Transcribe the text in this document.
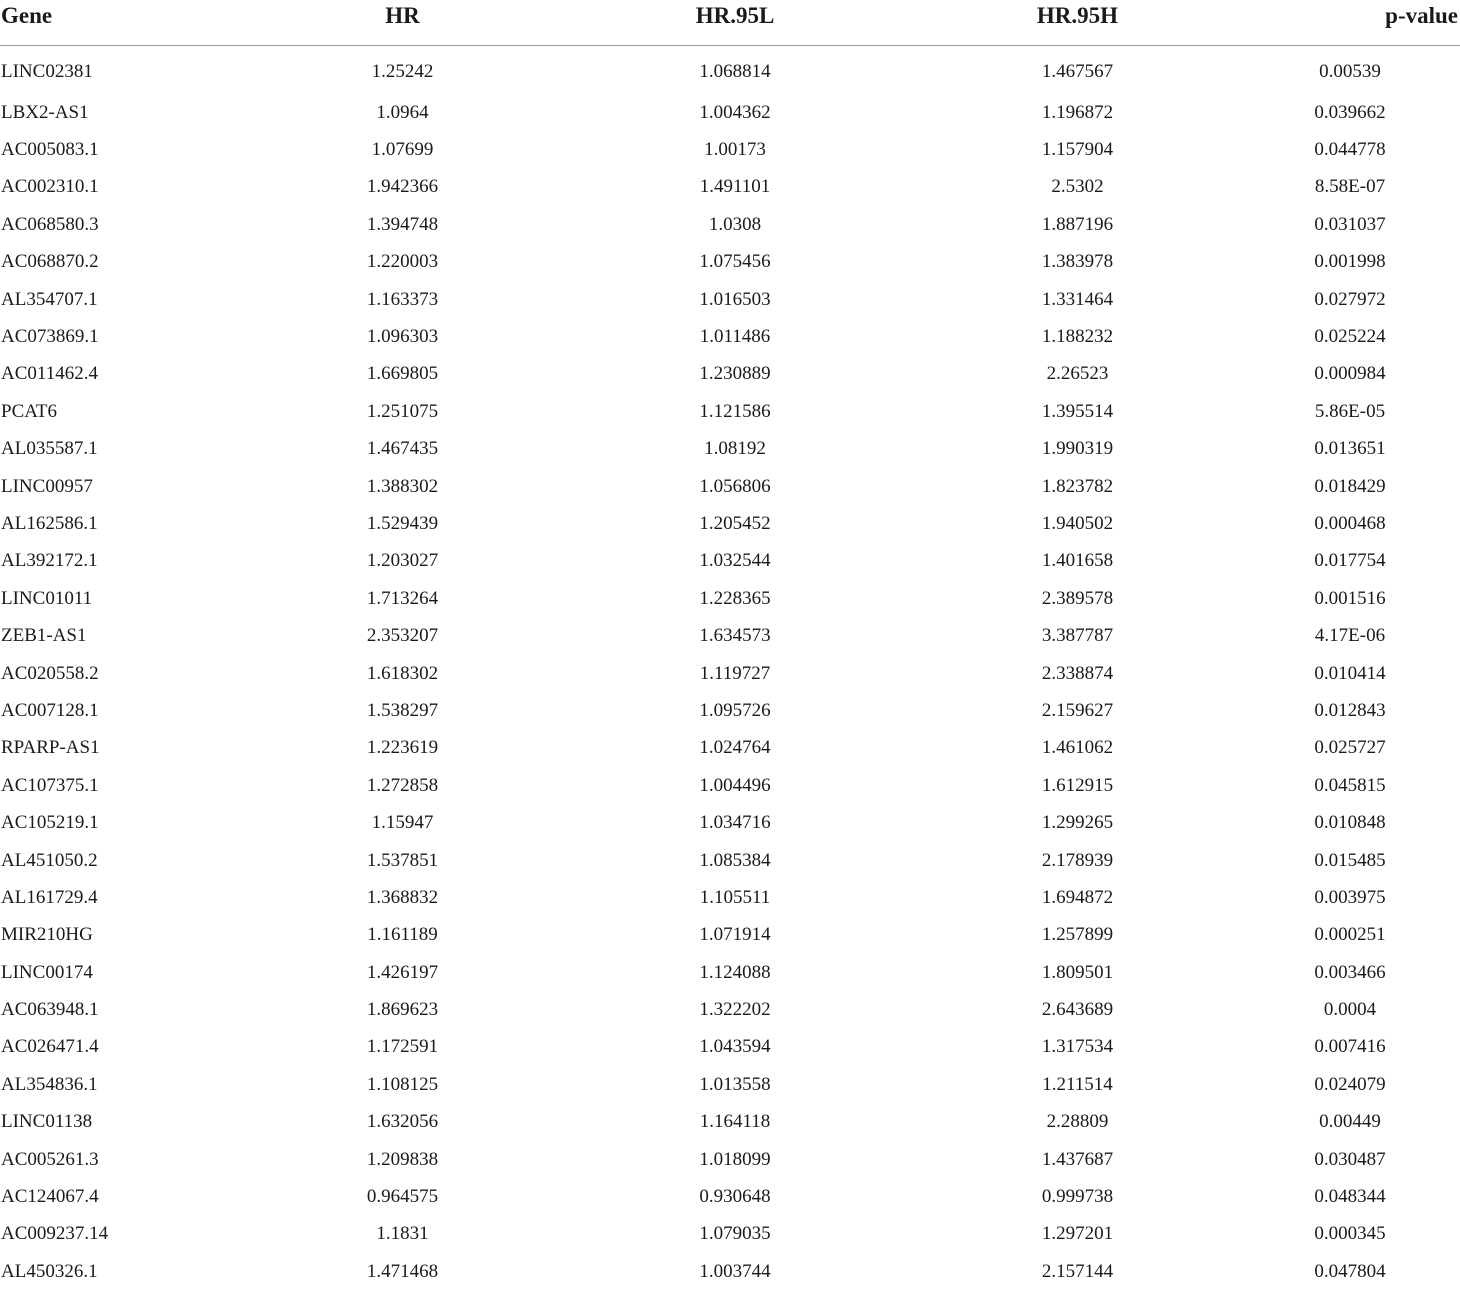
Gene	HR	HR.95L	HR.95H	p-value
LINC02381	1.25242	1.068814	1.467567	0.00539
LBX2-AS1	1.0964	1.004362	1.196872	0.039662
AC005083.1	1.07699	1.00173	1.157904	0.044778
AC002310.1	1.942366	1.491101	2.5302	8.58E-07
AC068580.3	1.394748	1.0308	1.887196	0.031037
AC068870.2	1.220003	1.075456	1.383978	0.001998
AL354707.1	1.163373	1.016503	1.331464	0.027972
AC073869.1	1.096303	1.011486	1.188232	0.025224
AC011462.4	1.669805	1.230889	2.26523	0.000984
PCAT6	1.251075	1.121586	1.395514	5.86E-05
AL035587.1	1.467435	1.08192	1.990319	0.013651
LINC00957	1.388302	1.056806	1.823782	0.018429
AL162586.1	1.529439	1.205452	1.940502	0.000468
AL392172.1	1.203027	1.032544	1.401658	0.017754
LINC01011	1.713264	1.228365	2.389578	0.001516
ZEB1-AS1	2.353207	1.634573	3.387787	4.17E-06
AC020558.2	1.618302	1.119727	2.338874	0.010414
AC007128.1	1.538297	1.095726	2.159627	0.012843
RPARP-AS1	1.223619	1.024764	1.461062	0.025727
AC107375.1	1.272858	1.004496	1.612915	0.045815
AC105219.1	1.15947	1.034716	1.299265	0.010848
AL451050.2	1.537851	1.085384	2.178939	0.015485
AL161729.4	1.368832	1.105511	1.694872	0.003975
MIR210HG	1.161189	1.071914	1.257899	0.000251
LINC00174	1.426197	1.124088	1.809501	0.003466
AC063948.1	1.869623	1.322202	2.643689	0.0004
AC026471.4	1.172591	1.043594	1.317534	0.007416
AL354836.1	1.108125	1.013558	1.211514	0.024079
LINC01138	1.632056	1.164118	2.28809	0.00449
AC005261.3	1.209838	1.018099	1.437687	0.030487
AC124067.4	0.964575	0.930648	0.999738	0.048344
AC009237.14	1.1831	1.079035	1.297201	0.000345
AL450326.1	1.471468	1.003744	2.157144	0.047804
